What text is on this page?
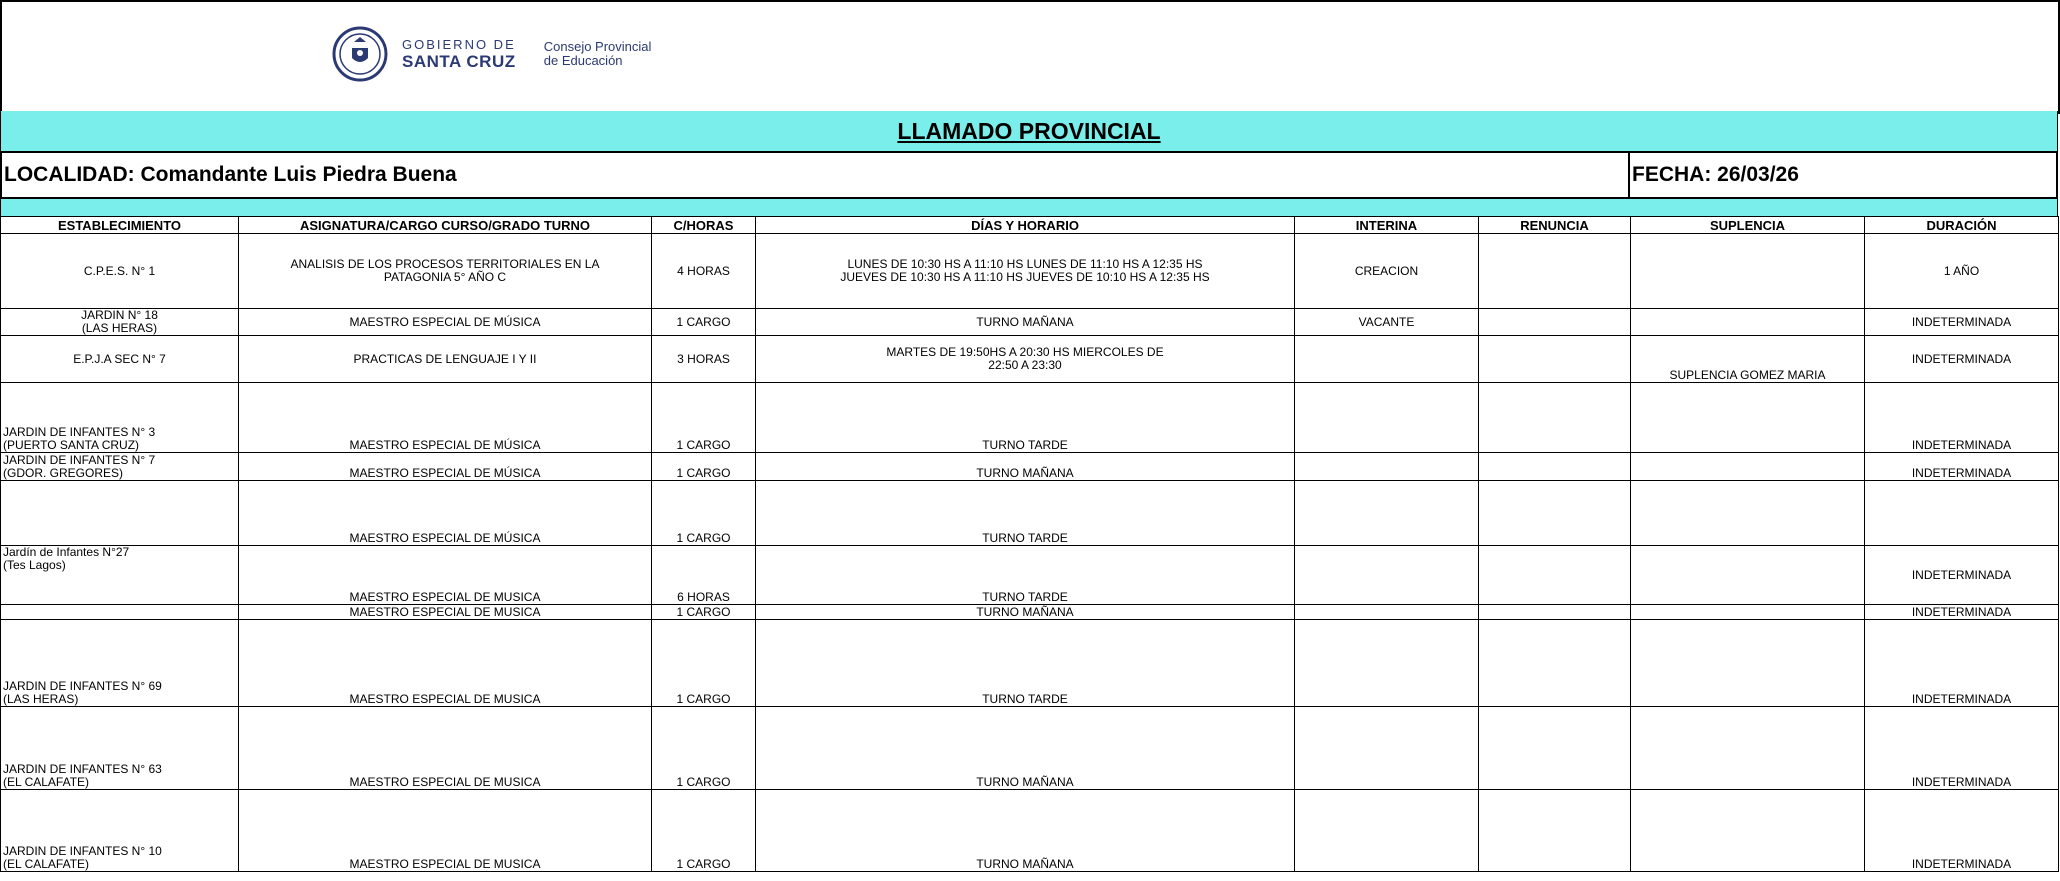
GOBIERNO DE
SANTA CRUZ
Consejo Provincial
de Educación
LLAMADO PROVINCIAL
LOCALIDAD: Comandante Luis Piedra Buena	FECHA: 26/03/26
ESTABLECIMIENTO	ASIGNATURA/CARGO CURSO/GRADO TURNO	C/HORAS	DÍAS Y HORARIO	INTERINA	RENUNCIA	SUPLENCIA	DURACIÓN
C.P.E.S. N° 1	ANALISIS DE LOS PROCESOS TERRITORIALES EN LA
PATAGONIA 5° AÑO C	4 HORAS	LUNES DE 10:30 HS A 11:10 HS LUNES DE 11:10 HS A 12:35 HS
JUEVES DE 10:30 HS A 11:10 HS JUEVES DE 10:10 HS A 12:35 HS	CREACION			1 AÑO
JARDIN N° 18
(LAS HERAS)	MAESTRO ESPECIAL DE MÚSICA	1 CARGO	TURNO MAÑANA	VACANTE			INDETERMINADA
E.P.J.A SEC N° 7	PRACTICAS DE LENGUAJE I Y II	3 HORAS	MARTES DE 19:50HS A 20:30 HS MIERCOLES DE
22:50 A 23:30			SUPLENCIA GOMEZ MARIA	INDETERMINADA
JARDIN DE INFANTES N° 3
(PUERTO SANTA CRUZ)	MAESTRO ESPECIAL DE MÚSICA	1 CARGO	TURNO TARDE				INDETERMINADA
JARDIN DE INFANTES N° 7
(GDOR. GREGORES)	MAESTRO ESPECIAL DE MÚSICA	1 CARGO	TURNO MAÑANA				INDETERMINADA
	MAESTRO ESPECIAL DE MÚSICA	1 CARGO	TURNO TARDE				
Jardín de Infantes N°27
(Tes Lagos)	MAESTRO ESPECIAL DE MUSICA	6 HORAS	TURNO TARDE				INDETERMINADA
	MAESTRO ESPECIAL DE MUSICA	1 CARGO	TURNO MAÑANA				INDETERMINADA
JARDIN DE INFANTES N° 69
(LAS HERAS)	MAESTRO ESPECIAL DE MUSICA	1 CARGO	TURNO TARDE				INDETERMINADA
JARDIN DE INFANTES N° 63
(EL CALAFATE)	MAESTRO ESPECIAL DE MUSICA	1 CARGO	TURNO MAÑANA				INDETERMINADA
JARDIN DE INFANTES N° 10
(EL CALAFATE)	MAESTRO ESPECIAL DE MUSICA	1 CARGO	TURNO MAÑANA				INDETERMINADA
